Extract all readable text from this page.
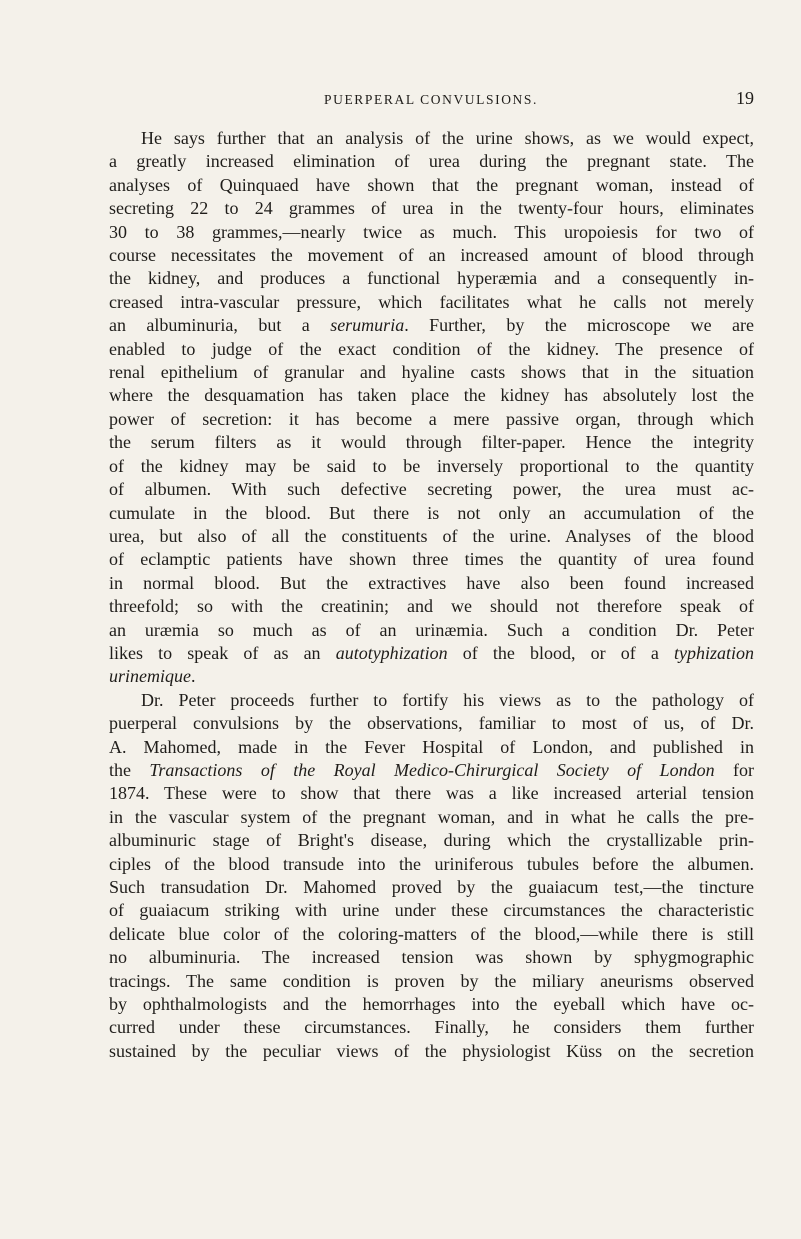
PUERPERAL CONVULSIONS.	19

He says further that an analysis of the urine shows, as we would expect,
a greatly increased elimination of urea during the pregnant state. The
analyses of Quinquaed have shown that the pregnant woman, instead of
secreting 22 to 24 grammes of urea in the twenty-four hours, eliminates
30 to 38 grammes,—nearly twice as much. This uropoiesis for two of
course necessitates the movement of an increased amount of blood through
the kidney, and produces a functional hyperæmia and a consequently in-
creased intra-vascular pressure, which facilitates what he calls not merely
an albuminuria, but a serumuria. Further, by the microscope we are
enabled to judge of the exact condition of the kidney. The presence of
renal epithelium of granular and hyaline casts shows that in the situation
where the desquamation has taken place the kidney has absolutely lost the
power of secretion: it has become a mere passive organ, through which
the serum filters as it would through filter-paper. Hence the integrity
of the kidney may be said to be inversely proportional to the quantity
of albumen. With such defective secreting power, the urea must ac-
cumulate in the blood. But there is not only an accumulation of the
urea, but also of all the constituents of the urine. Analyses of the blood
of eclamptic patients have shown three times the quantity of urea found
in normal blood. But the extractives have also been found increased
threefold; so with the creatinin; and we should not therefore speak of
an uræmia so much as of an urinæmia. Such a condition Dr. Peter
likes to speak of as an autotyphization of the blood, or of a typhization
urinemique.

Dr. Peter proceeds further to fortify his views as to the pathology of
puerperal convulsions by the observations, familiar to most of us, of Dr.
A. Mahomed, made in the Fever Hospital of London, and published in
the Transactions of the Royal Medico-Chirurgical Society of London for
1874. These were to show that there was a like increased arterial tension
in the vascular system of the pregnant woman, and in what he calls the pre-
albuminuric stage of Bright's disease, during which the crystallizable prin-
ciples of the blood transude into the uriniferous tubules before the albumen.
Such transudation Dr. Mahomed proved by the guaiacum test,—the tincture
of guaiacum striking with urine under these circumstances the characteristic
delicate blue color of the coloring-matters of the blood,—while there is still
no albuminuria. The increased tension was shown by sphygmographic
tracings. The same condition is proven by the miliary aneurisms observed
by ophthalmologists and the hemorrhages into the eyeball which have oc-
curred under these circumstances. Finally, he considers them further
sustained by the peculiar views of the physiologist Küss on the secretion
